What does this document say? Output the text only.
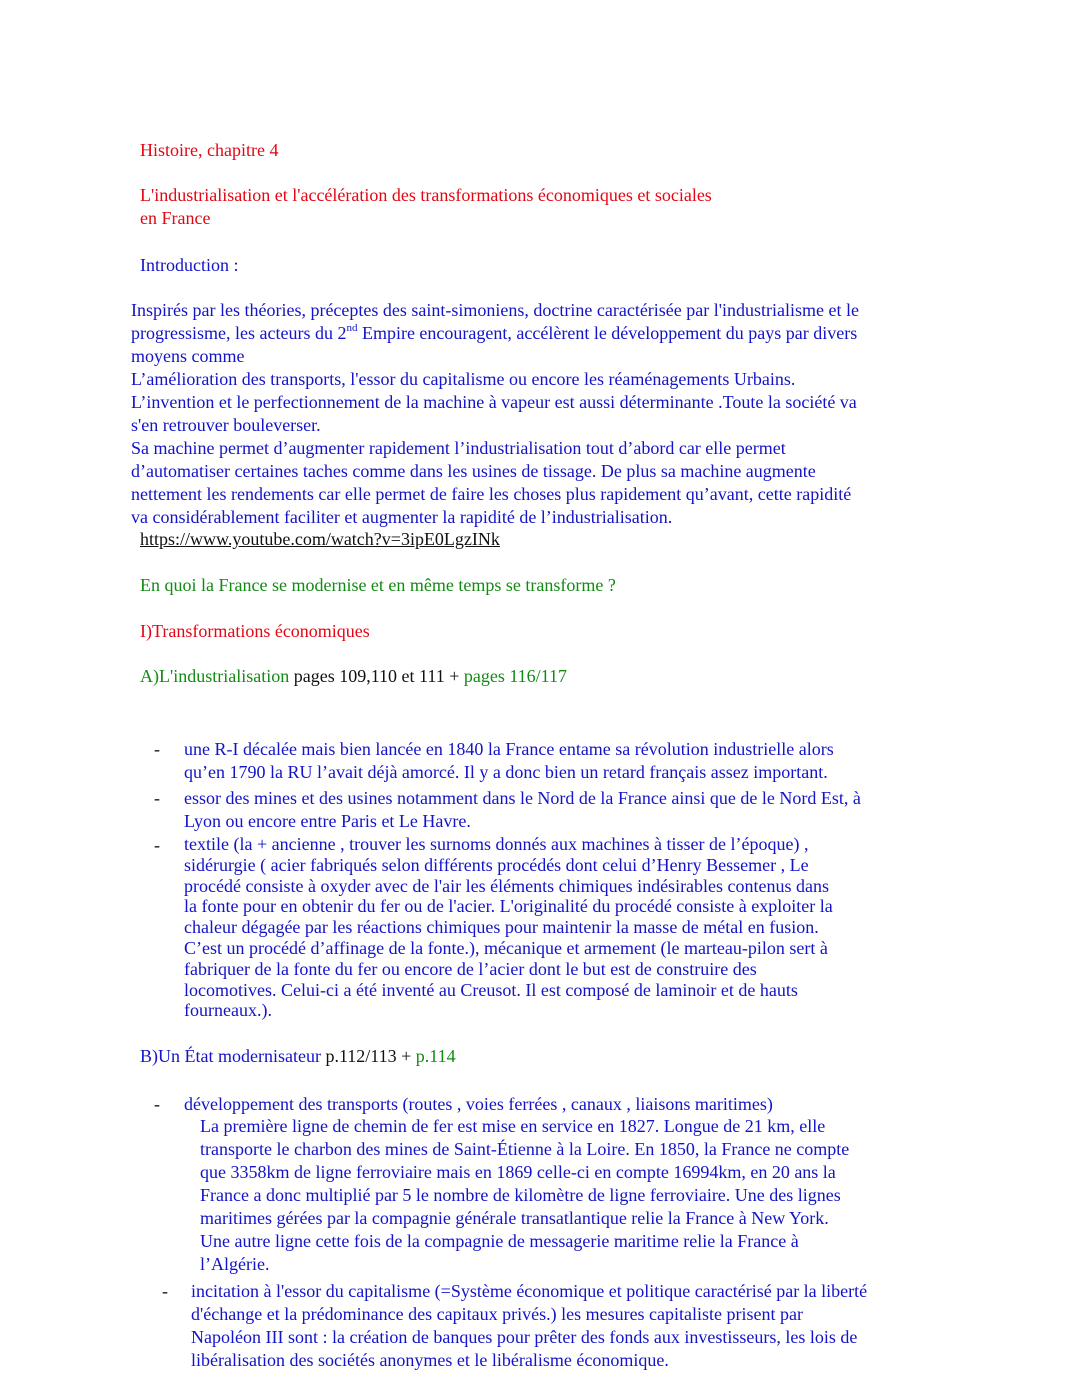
Histoire, chapitre 4
L'industrialisation et l'accélération des transformations économiques et sociales
en France
Introduction :
Inspirés par les théories, préceptes des saint-simoniens, doctrine caractérisée par l'industrialisme et le
progressisme, les acteurs du 2nd Empire encouragent, accélèrent le développement du pays par divers
moyens comme
L’amélioration des transports, l'essor du capitalisme ou encore les réaménagements Urbains.
L’invention et le perfectionnement de la machine à vapeur est aussi déterminante .Toute la société va
s'en retrouver bouleverser.
Sa machine permet d’augmenter rapidement l’industrialisation tout d’abord car elle permet
d’automatiser certaines taches comme dans les usines de tissage. De plus sa machine augmente
nettement les rendements car elle permet de faire les choses plus rapidement qu’avant, cette rapidité
va considérablement faciliter et augmenter la rapidité de l’industrialisation.
https://www.youtube.com/watch?v=3ipE0LgzINk
En quoi la France se modernise et en même temps se transforme ?
I)Transformations économiques
A)L'industrialisation pages 109,110 et 111 + pages 116/117
- une R-I décalée mais bien lancée en 1840 la France entame sa révolution industrielle alors
qu’en 1790 la RU l’avait déjà amorcé. Il y a donc bien un retard français assez important.
- essor des mines et des usines notamment dans le Nord de la France ainsi que de le Nord Est, à
Lyon ou encore entre Paris et Le Havre.
- textile (la + ancienne , trouver les surnoms donnés aux machines à tisser de l’époque) ,
sidérurgie ( acier fabriqués selon différents procédés dont celui d’Henry Bessemer , Le
procédé consiste à oxyder avec de l'air les éléments chimiques indésirables contenus dans
la fonte pour en obtenir du fer ou de l'acier. L'originalité du procédé consiste à exploiter la
chaleur dégagée par les réactions chimiques pour maintenir la masse de métal en fusion.
C’est un procédé d’affinage de la fonte.), mécanique et armement (le marteau-pilon sert à
fabriquer de la fonte du fer ou encore de l’acier dont le but est de construire des
locomotives. Celui-ci a été inventé au Creusot. Il est composé de laminoir et de hauts
fourneaux.).
B)Un État modernisateur p.112/113 + p.114
- développement des transports (routes , voies ferrées , canaux , liaisons maritimes)
La première ligne de chemin de fer est mise en service en 1827. Longue de 21 km, elle
transporte le charbon des mines de Saint-Étienne à la Loire. En 1850, la France ne compte
que 3358km de ligne ferroviaire mais en 1869 celle-ci en compte 16994km, en 20 ans la
France a donc multiplié par 5 le nombre de kilomètre de ligne ferroviaire. Une des lignes
maritimes gérées par la compagnie générale transatlantique relie la France à New York.
Une autre ligne cette fois de la compagnie de messagerie maritime relie la France à
l’Algérie.
- incitation à l'essor du capitalisme (=Système économique et politique caractérisé par la liberté
d'échange et la prédominance des capitaux privés.) les mesures capitaliste prisent par
Napoléon III sont : la création de banques pour prêter des fonds aux investisseurs, les lois de
libéralisation des sociétés anonymes et le libéralisme économique.
